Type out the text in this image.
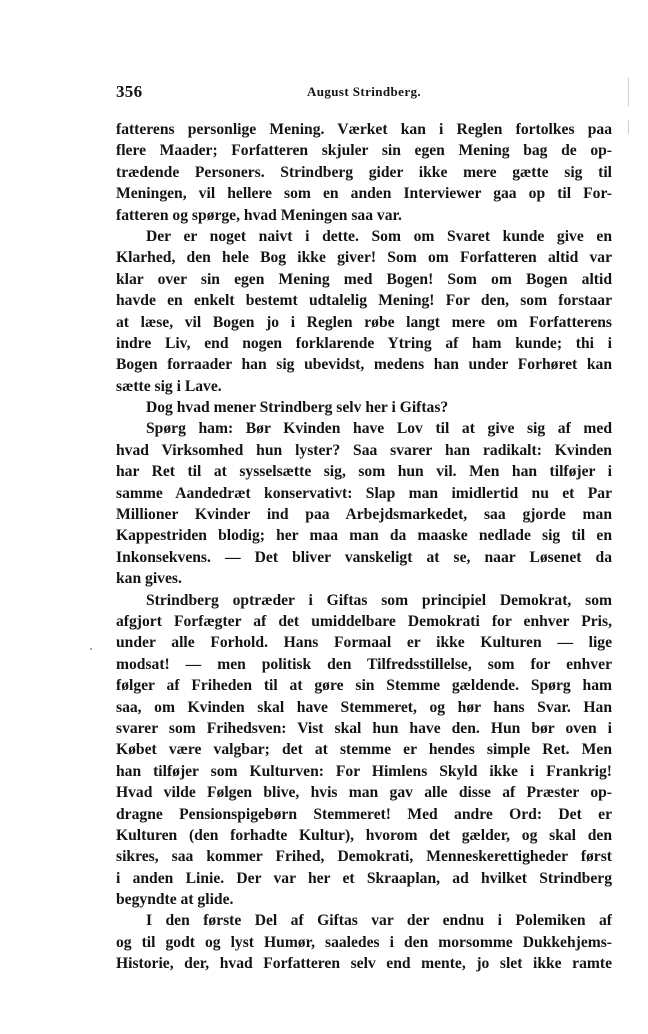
356	August Strindberg.
fatterens personlige Mening. Værket kan i Reglen fortolkes paa
flere Maader; Forfatteren skjuler sin egen Mening bag de op-
trædende Personers. Strindberg gider ikke mere gætte sig til
Meningen, vil hellere som en anden Interviewer gaa op til For-
fatteren og spørge, hvad Meningen saa var.
Der er noget naivt i dette. Som om Svaret kunde give en
Klarhed, den hele Bog ikke giver! Som om Forfatteren altid var
klar over sin egen Mening med Bogen! Som om Bogen altid
havde en enkelt bestemt udtalelig Mening! For den, som forstaar
at læse, vil Bogen jo i Reglen røbe langt mere om Forfatterens
indre Liv, end nogen forklarende Ytring af ham kunde; thi i
Bogen forraader han sig ubevidst, medens han under Forhøret kan
sætte sig i Lave.
Dog hvad mener Strindberg selv her i Giftas?
Spørg ham: Bør Kvinden have Lov til at give sig af med
hvad Virksomhed hun lyster? Saa svarer han radikalt: Kvinden
har Ret til at sysselsætte sig, som hun vil. Men han tilføjer i
samme Aandedræt konservativt: Slap man imidlertid nu et Par
Millioner Kvinder ind paa Arbejdsmarkedet, saa gjorde man
Kappestriden blodig; her maa man da maaske nedlade sig til en
Inkonsekvens. — Det bliver vanskeligt at se, naar Løsenet da
kan gives.
Strindberg optræder i Giftas som principiel Demokrat, som
afgjort Forfægter af det umiddelbare Demokrati for enhver Pris,
under alle Forhold. Hans Formaal er ikke Kulturen — lige
modsat! — men politisk den Tilfredsstillelse, som for enhver
følger af Friheden til at gøre sin Stemme gældende. Spørg ham
saa, om Kvinden skal have Stemmeret, og hør hans Svar. Han
svarer som Frihedsven: Vist skal hun have den. Hun bør oven i
Købet være valgbar; det at stemme er hendes simple Ret. Men
han tilføjer som Kulturven: For Himlens Skyld ikke i Frankrig!
Hvad vilde Følgen blive, hvis man gav alle disse af Præster op-
dragne Pensionspigebørn Stemmeret! Med andre Ord: Det er
Kulturen (den forhadte Kultur), hvorom det gælder, og skal den
sikres, saa kommer Frihed, Demokrati, Menneskerettigheder først
i anden Linie. Der var her et Skraaplan, ad hvilket Strindberg
begyndte at glide.
I den første Del af Giftas var der endnu i Polemiken af
og til godt og lyst Humør, saaledes i den morsomme Dukkehjems-
Historie, der, hvad Forfatteren selv end mente, jo slet ikke ramte
